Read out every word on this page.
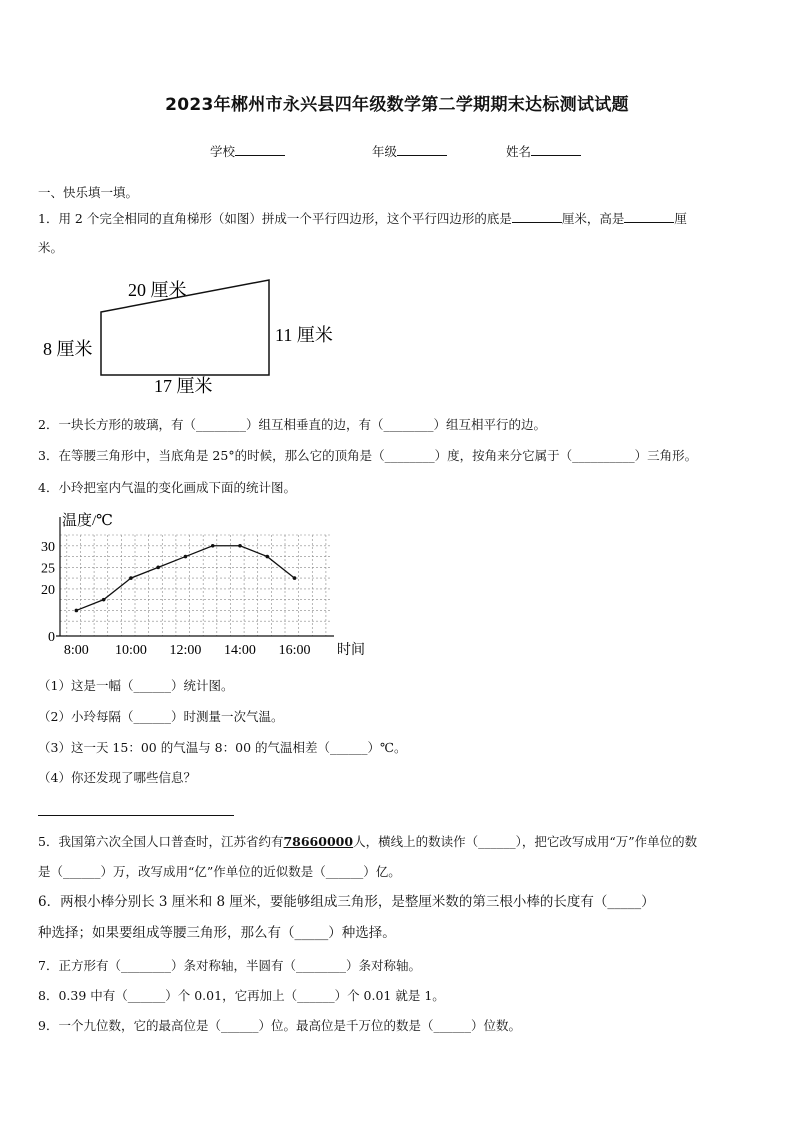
2023年郴州市永兴县四年级数学第二学期期末达标测试试题
学校	年级	姓名
一、快乐填一填。
1．用 2 个完全相同的直角梯形（如图）拼成一个平行四边形，这个平行四边形的底是	厘米，高是	厘
米。
20 厘米
8 厘米
11 厘米
17 厘米
2．一块长方形的玻璃，有（________）组互相垂直的边，有（________）组互相平行的边。
3．在等腰三角形中，当底角是 25°的时候，那么它的顶角是（________）度，按角来分它属于（__________）三角形。
4．小玲把室内气温的变化画成下面的统计图。
8:00 10:00 12:00 14:00 16:00
0
20
25
30
温度/℃
时间
（1）这是一幅（______）统计图。
（2）小玲每隔（______）时测量一次气温。
（3）这一天 15：00 的气温与 8：00 的气温相差（______）℃。
（4）你还发现了哪些信息？
5．我国第六次全国人口普查时，江苏省约有78660000人，横线上的数读作（______），把它改写成用“万”作单位的数
是（______）万，改写成用“亿”作单位的近似数是（______）亿。
6．两根小棒分别长 3 厘米和 8 厘米，要能够组成三角形，是整厘米数的第三根小棒的长度有（_____）
种选择；如果要组成等腰三角形，那么有（_____）种选择。
7．正方形有（________）条对称轴，半圆有（________）条对称轴。
8．0.39 中有（______）个 0.01，它再加上（______）个 0.01 就是 1。
9．一个九位数，它的最高位是（______）位。最高位是千万位的数是（______）位数。
